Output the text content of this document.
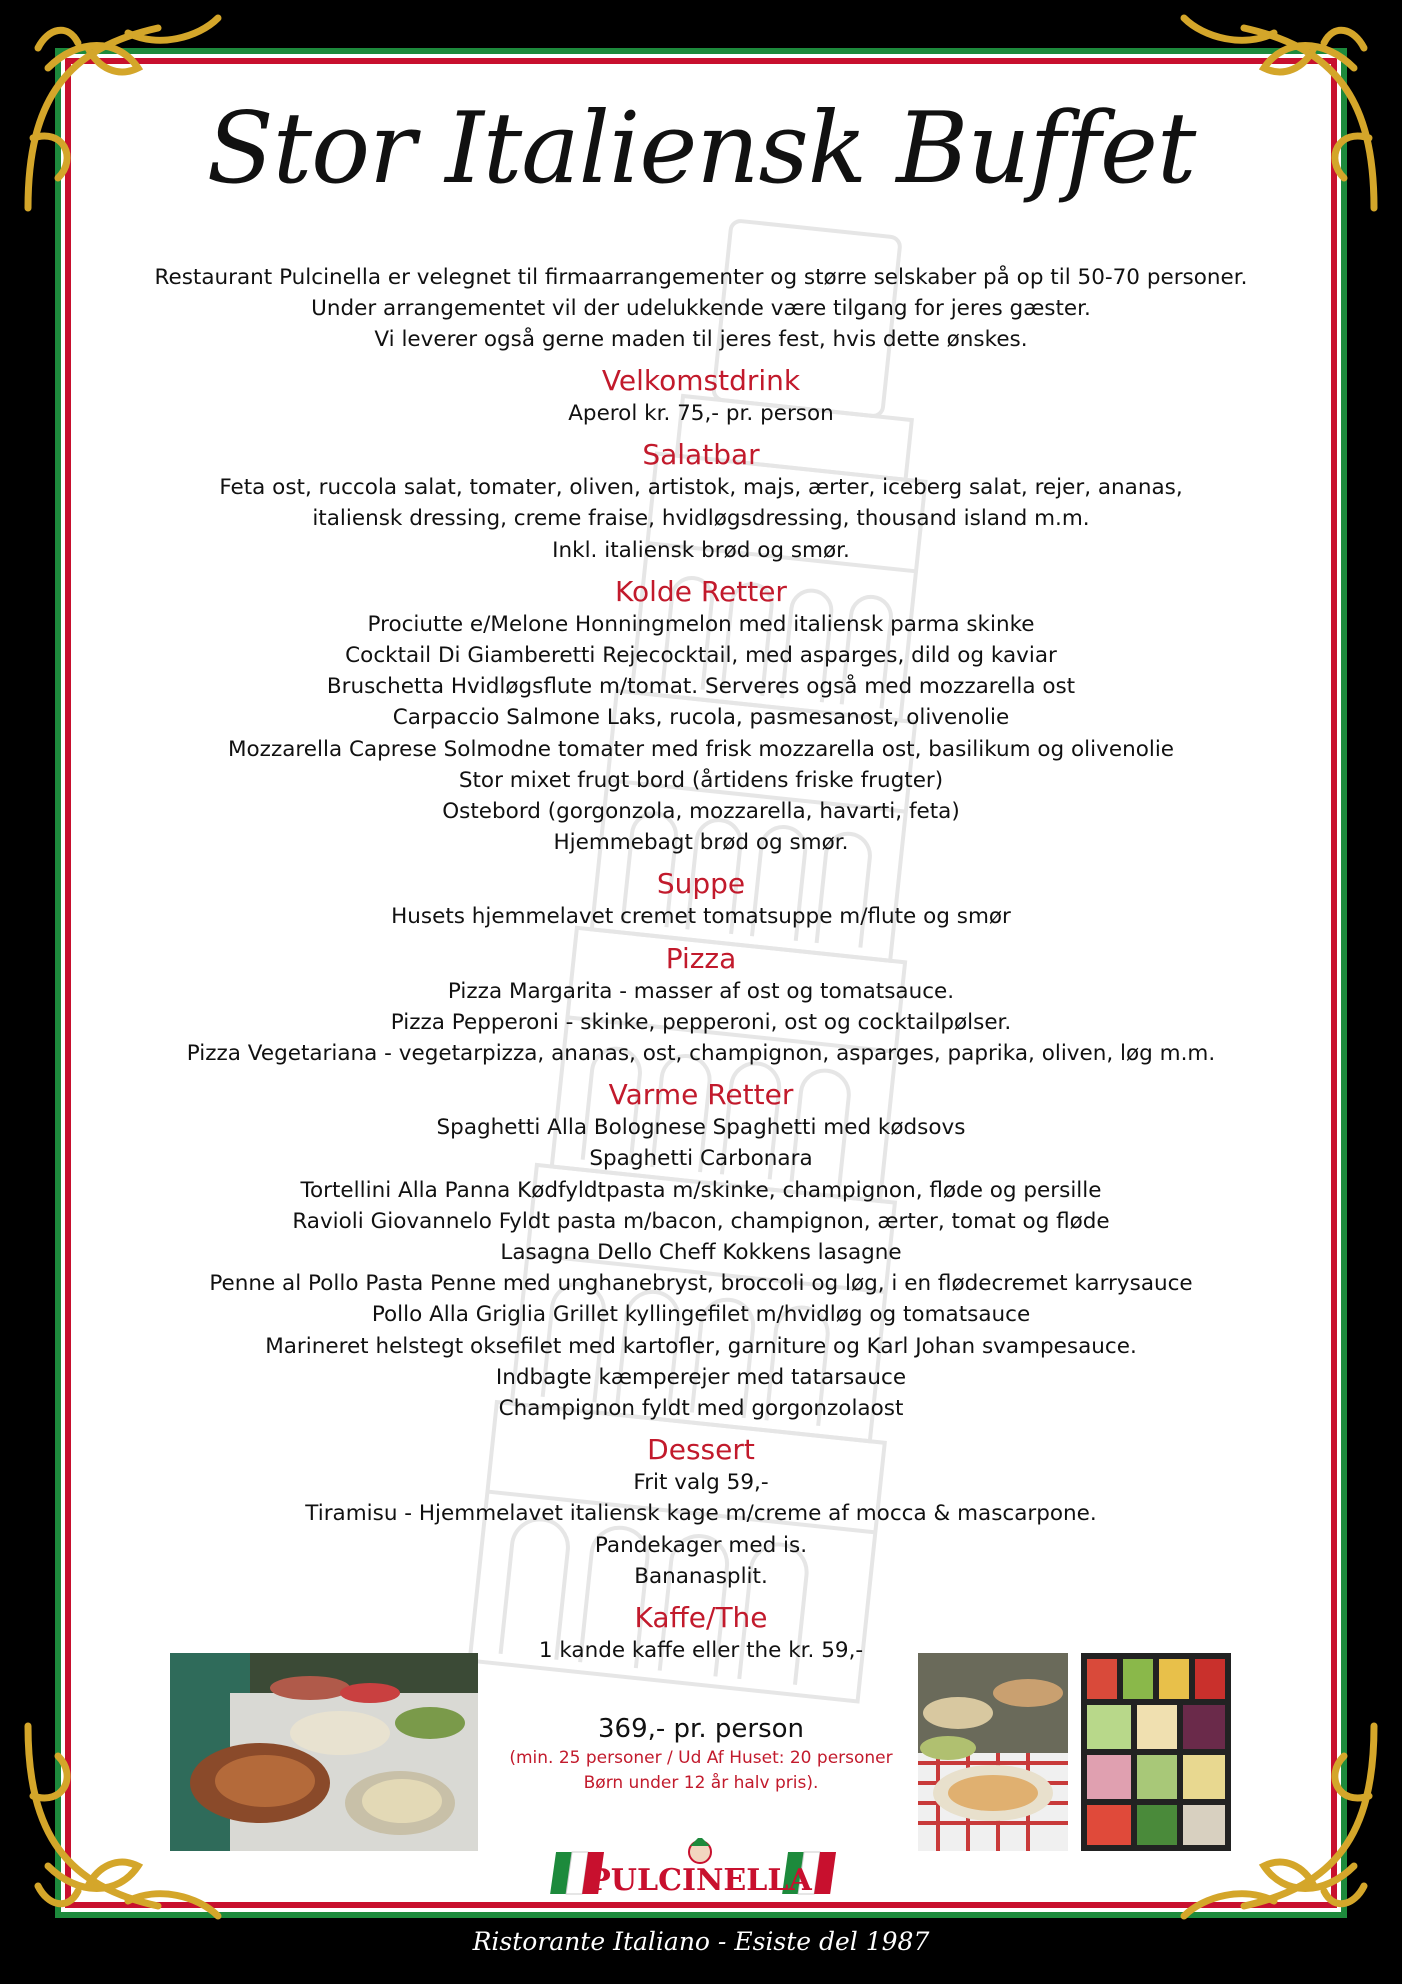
Stor Italiensk Buffet

Restaurant Pulcinella er velegnet til firmaarrangementer og større selskaber på op til 50-70 personer.

Under arrangementet vil der udelukkende være tilgang for jeres gæster.

Vi leverer også gerne maden til jeres fest, hvis dette ønskes.

Velkomstdrink

Aperol kr. 75,- pr. person

Salatbar

Feta ost, ruccola salat, tomater, oliven, artistok, majs, ærter, iceberg salat, rejer, ananas,

italiensk dressing, creme fraise, hvidløgsdressing, thousand island m.m.

Inkl. italiensk brød og smør.

Kolde Retter

Prociutte e/Melone Honningmelon med italiensk parma skinke

Cocktail Di Giamberetti Rejecocktail, med asparges, dild og kaviar

Bruschetta Hvidløgsflute m/tomat. Serveres også med mozzarella ost

Carpaccio Salmone Laks, rucola, pasmesanost, olivenolie

Mozzarella Caprese Solmodne tomater med frisk mozzarella ost, basilikum og olivenolie

Stor mixet frugt bord (årtidens friske frugter)

Ostebord (gorgonzola, mozzarella, havarti, feta)

Hjemmebagt brød og smør.

Suppe

Husets hjemmelavet cremet tomatsuppe m/flute og smør

Pizza

Pizza Margarita - masser af ost og tomatsauce.

Pizza Pepperoni - skinke, pepperoni, ost og cocktailpølser.

Pizza Vegetariana - vegetarpizza, ananas, ost, champignon, asparges, paprika, oliven, løg m.m.

Varme Retter

Spaghetti Alla Bolognese Spaghetti med kødsovs

Spaghetti Carbonara

Tortellini Alla Panna Kødfyldtpasta m/skinke, champignon, fløde og persille

Ravioli Giovannelo Fyldt pasta m/bacon, champignon, ærter, tomat og fløde

Lasagna Dello Cheff Kokkens lasagne

Penne al Pollo Pasta Penne med unghanebryst, broccoli og løg, i en flødecremet karrysauce

Pollo Alla Griglia Grillet kyllingefilet m/hvidløg og tomatsauce

Marineret helstegt oksefilet med kartofler, garniture og Karl Johan svampesauce.

Indbagte kæmperejer med tatarsauce

Champignon fyldt med gorgonzolaost

Dessert

Frit valg 59,-

Tiramisu - Hjemmelavet italiensk kage m/creme af mocca & mascarpone.

Pandekager med is.

Bananasplit.

Kaffe/The

1 kande kaffe eller the kr. 59,-

369,- pr. person
(min. 25 personer / Ud Af Huset: 20 personer
Børn under 12 år halv pris).
PULCINELLA
Ristorante Italiano - Esiste del 1987
